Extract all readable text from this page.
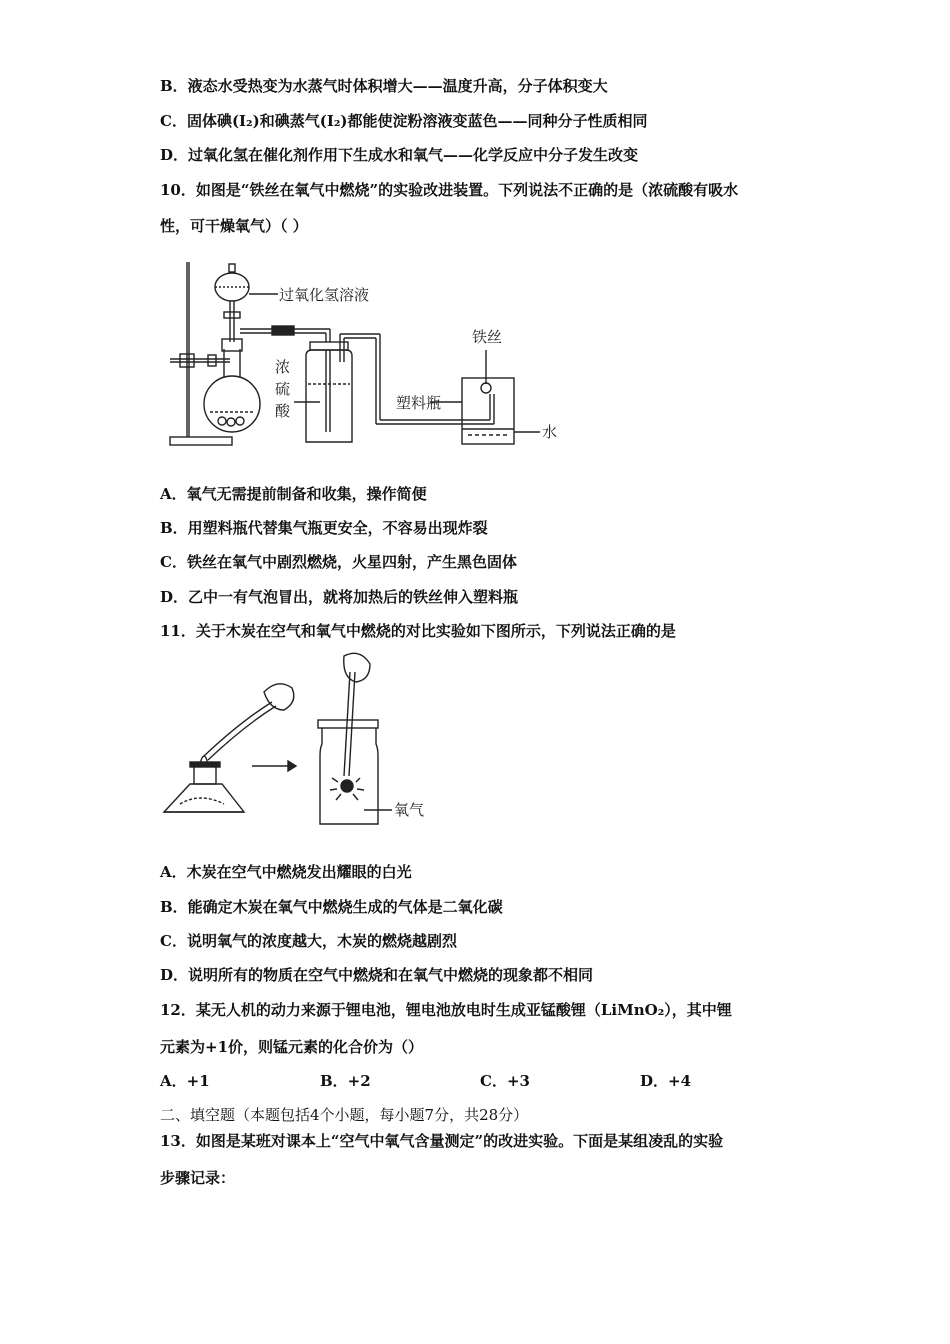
B．液态水受热变为水蒸气时体积增大——温度升高，分子体积变大
C．固体碘(I₂)和碘蒸气(I₂)都能使淀粉溶液变蓝色——同种分子性质相同
D．过氧化氢在催化剂作用下生成水和氧气——化学反应中分子发生改变
10．如图是“铁丝在氧气中燃烧”的实验改进装置。下列说法不正确的是（浓硫酸有吸水
性，可干燥氧气）（ ）
过氧化氢溶液
浓
硫
酸
铁丝
塑料瓶
水
A．氧气无需提前制备和收集，操作简便
B．用塑料瓶代替集气瓶更安全，不容易出现炸裂
C．铁丝在氧气中剧烈燃烧，火星四射，产生黑色固体
D．乙中一有气泡冒出，就将加热后的铁丝伸入塑料瓶
11．关于木炭在空气和氧气中燃烧的对比实验如下图所示，下列说法正确的是
氧气
A．木炭在空气中燃烧发出耀眼的白光
B．能确定木炭在氧气中燃烧生成的气体是二氧化碳
C．说明氧气的浓度越大，木炭的燃烧越剧烈
D．说明所有的物质在空气中燃烧和在氧气中燃烧的现象都不相同
12．某无人机的动力来源于锂电池，锂电池放电时生成亚锰酸锂（LiMnO₂），其中锂
元素为+1价，则锰元素的化合价为（）
A．+1	B．+2	C．+3	D．+4
二、填空题（本题包括4个小题，每小题7分，共28分）
13．如图是某班对课本上“空气中氧气含量测定”的改进实验。下面是某组凌乱的实验
步骤记录：
